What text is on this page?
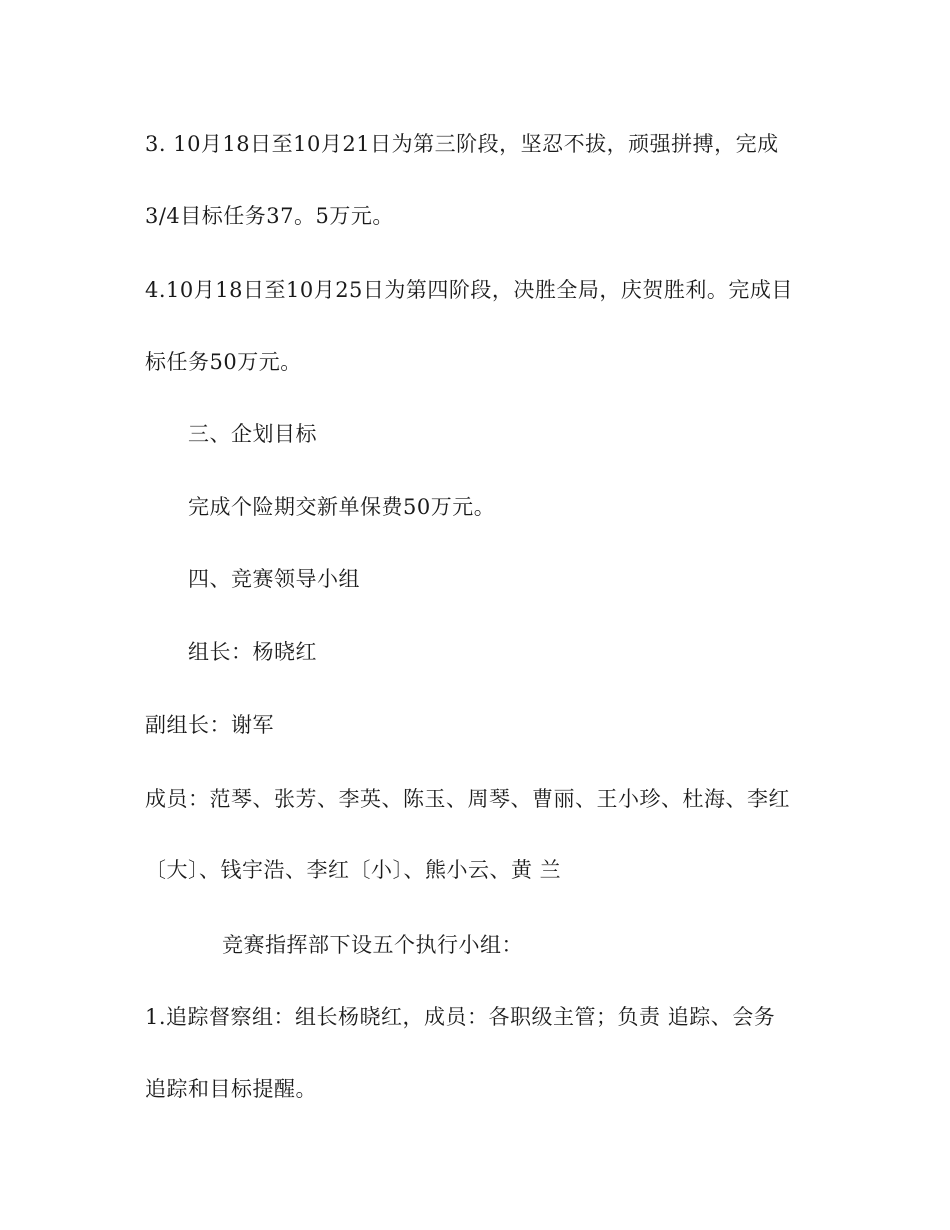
3. 10月18日至10月21日为第三阶段，坚忍不拔，顽强拼搏，完成
3/4目标任务37。5万元。
4.10月18日至10月25日为第四阶段，决胜全局，庆贺胜利。完成目
标任务50万元。
三、企划目标
完成个险期交新单保费50万元。
四、竞赛领导小组
组长：杨晓红
副组长：谢军
成员：范琴、张芳、李英、陈玉、周琴、曹丽、王小珍、杜海、李红
〔大〕、钱宇浩、李红〔小〕、熊小云、黄 兰
竞赛指挥部下设五个执行小组：
1.追踪督察组：组长杨晓红，成员：各职级主管；负责 追踪、会务
追踪和目标提醒。
